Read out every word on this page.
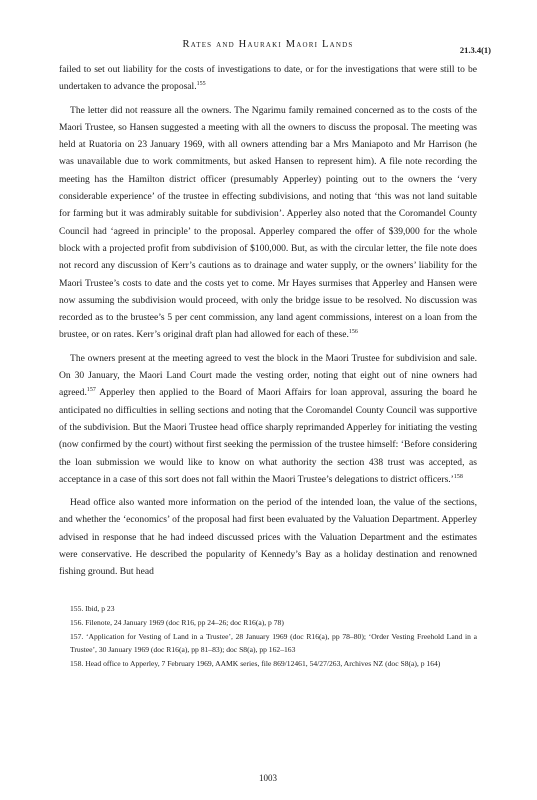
Rates and Hauraki Maori Lands	21.3.4(1)

failed to set out liability for the costs of investigations to date, or for the investigations that were still to be undertaken to advance the proposal.$^{155}$

The letter did not reassure all the owners. The Ngarimu family remained concerned as to the costs of the Maori Trustee, so Hansen suggested a meeting with all the owners to discuss the proposal. The meeting was held at Ruatoria on 23 January 1969, with all owners attending bar a Mrs Maniapoto and Mr Harrison (he was unavailable due to work commitments, but asked Hansen to represent him). A file note recording the meeting has the Hamilton district officer (presumably Apperley) pointing out to the owners the ‘very considerable experience’ of the trustee in effecting subdivisions, and noting that ‘this was not land suitable for farming but it was admirably suitable for subdivision’. Apperley also noted that the Coromandel County Council had ‘agreed in principle’ to the proposal. Apperley compared the offer of $39,000 for the whole block with a projected profit from subdivision of $100,000. But, as with the circular letter, the file note does not record any discussion of Kerr’s cautions as to drainage and water supply, or the owners’ liability for the Maori Trustee’s costs to date and the costs yet to come. Mr Hayes surmises that Apperley and Hansen were now assuming the subdivision would proceed, with only the bridge issue to be resolved. No discussion was recorded as to the brustee’s 5 per cent commission, any land agent commissions, interest on a loan from the brustee, or on rates. Kerr’s original draft plan had allowed for each of these.$^{156}$

The owners present at the meeting agreed to vest the block in the Maori Trustee for subdivision and sale. On 30 January, the Maori Land Court made the vesting order, noting that eight out of nine owners had agreed.$^{157}$ Apperley then applied to the Board of Maori Affairs for loan approval, assuring the board he anticipated no difficulties in selling sections and noting that the Coromandel County Council was supportive of the subdivision. But the Maori Trustee head office sharply reprimanded Apperley for initiating the vesting (now confirmed by the court) without first seeking the permission of the trustee himself: ‘Before considering the loan submission we would like to know on what authority the section 438 trust was accepted, as acceptance in a case of this sort does not fall within the Maori Trustee’s delegations to district officers.’$^{158}$

Head office also wanted more information on the period of the intended loan, the value of the sections, and whether the ‘economics’ of the proposal had first been evaluated by the Valuation Department. Apperley advised in response that he had indeed discussed prices with the Valuation Department and the estimates were conservative. He described the popularity of Kennedy’s Bay as a holiday destination and renowned fishing ground. But head

155. Ibid, p 23

156. Filenote, 24 January 1969 (doc R16, pp 24–26; doc R16(a), p 78)

157. ‘Application for Vesting of Land in a Trustee’, 28 January 1969 (doc R16(a), pp 78–80); ‘Order Vesting Freehold Land in a Trustee’, 30 January 1969 (doc R16(a), pp 81–83); doc S8(a), pp 162–163

158. Head office to Apperley, 7 February 1969, AAMK series, file 869/12461, 54/27/263, Archives NZ (doc S8(a), p 164)

1003
